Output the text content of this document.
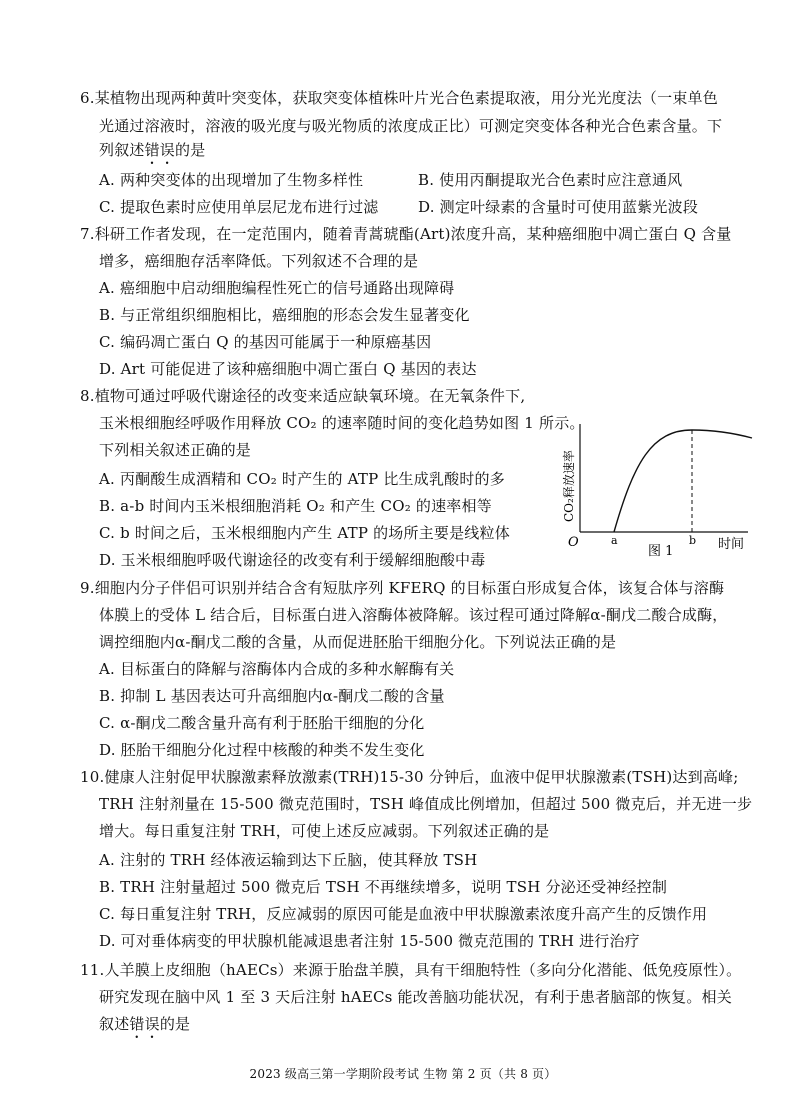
6.某植物出现两种黄叶突变体，获取突变体植株叶片光合色素提取液，用分光光度法（一束单色
光通过溶液时，溶液的吸光度与吸光物质的浓度成正比）可测定突变体各种光合色素含量。下
列叙述错误的是
A. 两种突变体的出现增加了生物多样性	B. 使用丙酮提取光合色素时应注意通风
C. 提取色素时应使用单层尼龙布进行过滤	D. 测定叶绿素的含量时可使用蓝紫光波段
7.科研工作者发现，在一定范围内，随着青蒿琥酯(Art)浓度升高，某种癌细胞中凋亡蛋白 Q 含量
增多，癌细胞存活率降低。下列叙述不合理的是
A. 癌细胞中启动细胞编程性死亡的信号通路出现障碍
B. 与正常组织细胞相比，癌细胞的形态会发生显著变化
C. 编码凋亡蛋白 Q 的基因可能属于一种原癌基因
D. Art 可能促进了该种癌细胞中凋亡蛋白 Q 基因的表达
8.植物可通过呼吸代谢途径的改变来适应缺氧环境。在无氧条件下,
玉米根细胞经呼吸作用释放 CO₂ 的速率随时间的变化趋势如图 1 所示。
下列相关叙述正确的是
A. 丙酮酸生成酒精和 CO₂ 时产生的 ATP 比生成乳酸时的多
B. a-b 时间内玉米根细胞消耗 O₂ 和产生 CO₂ 的速率相等
C. b 时间之后，玉米根细胞内产生 ATP 的场所主要是线粒体
D. 玉米根细胞呼吸代谢途径的改变有利于缓解细胞酸中毒
O	a	b 时间
图 1
CO₂释放速率
9.细胞内分子伴侣可识别并结合含有短肽序列 KFERQ 的目标蛋白形成复合体，该复合体与溶酶
体膜上的受体 L 结合后，目标蛋白进入溶酶体被降解。该过程可通过降解α-酮戊二酸合成酶，
调控细胞内α-酮戊二酸的含量，从而促进胚胎干细胞分化。下列说法正确的是
A. 目标蛋白的降解与溶酶体内合成的多种水解酶有关
B. 抑制 L 基因表达可升高细胞内α-酮戊二酸的含量
C. α-酮戊二酸含量升高有利于胚胎干细胞的分化
D. 胚胎干细胞分化过程中核酸的种类不发生变化
10.健康人注射促甲状腺激素释放激素(TRH)15-30 分钟后，血液中促甲状腺激素(TSH)达到高峰;
TRH 注射剂量在 15-500 微克范围时，TSH 峰值成比例增加，但超过 500 微克后，并无进一步
增大。每日重复注射 TRH，可使上述反应减弱。下列叙述正确的是
A. 注射的 TRH 经体液运输到达下丘脑，使其释放 TSH
B. TRH 注射量超过 500 微克后 TSH 不再继续增多，说明 TSH 分泌还受神经控制
C. 每日重复注射 TRH，反应减弱的原因可能是血液中甲状腺激素浓度升高产生的反馈作用
D. 可对垂体病变的甲状腺机能减退患者注射 15-500 微克范围的 TRH 进行治疗
11.人羊膜上皮细胞（hAECs）来源于胎盘羊膜，具有干细胞特性（多向分化潜能、低免疫原性）。
研究发现在脑中风 1 至 3 天后注射 hAECs 能改善脑功能状况，有利于患者脑部的恢复。相关
叙述错误的是
2023 级高三第一学期阶段考试 生物 第 2 页（共 8 页）
